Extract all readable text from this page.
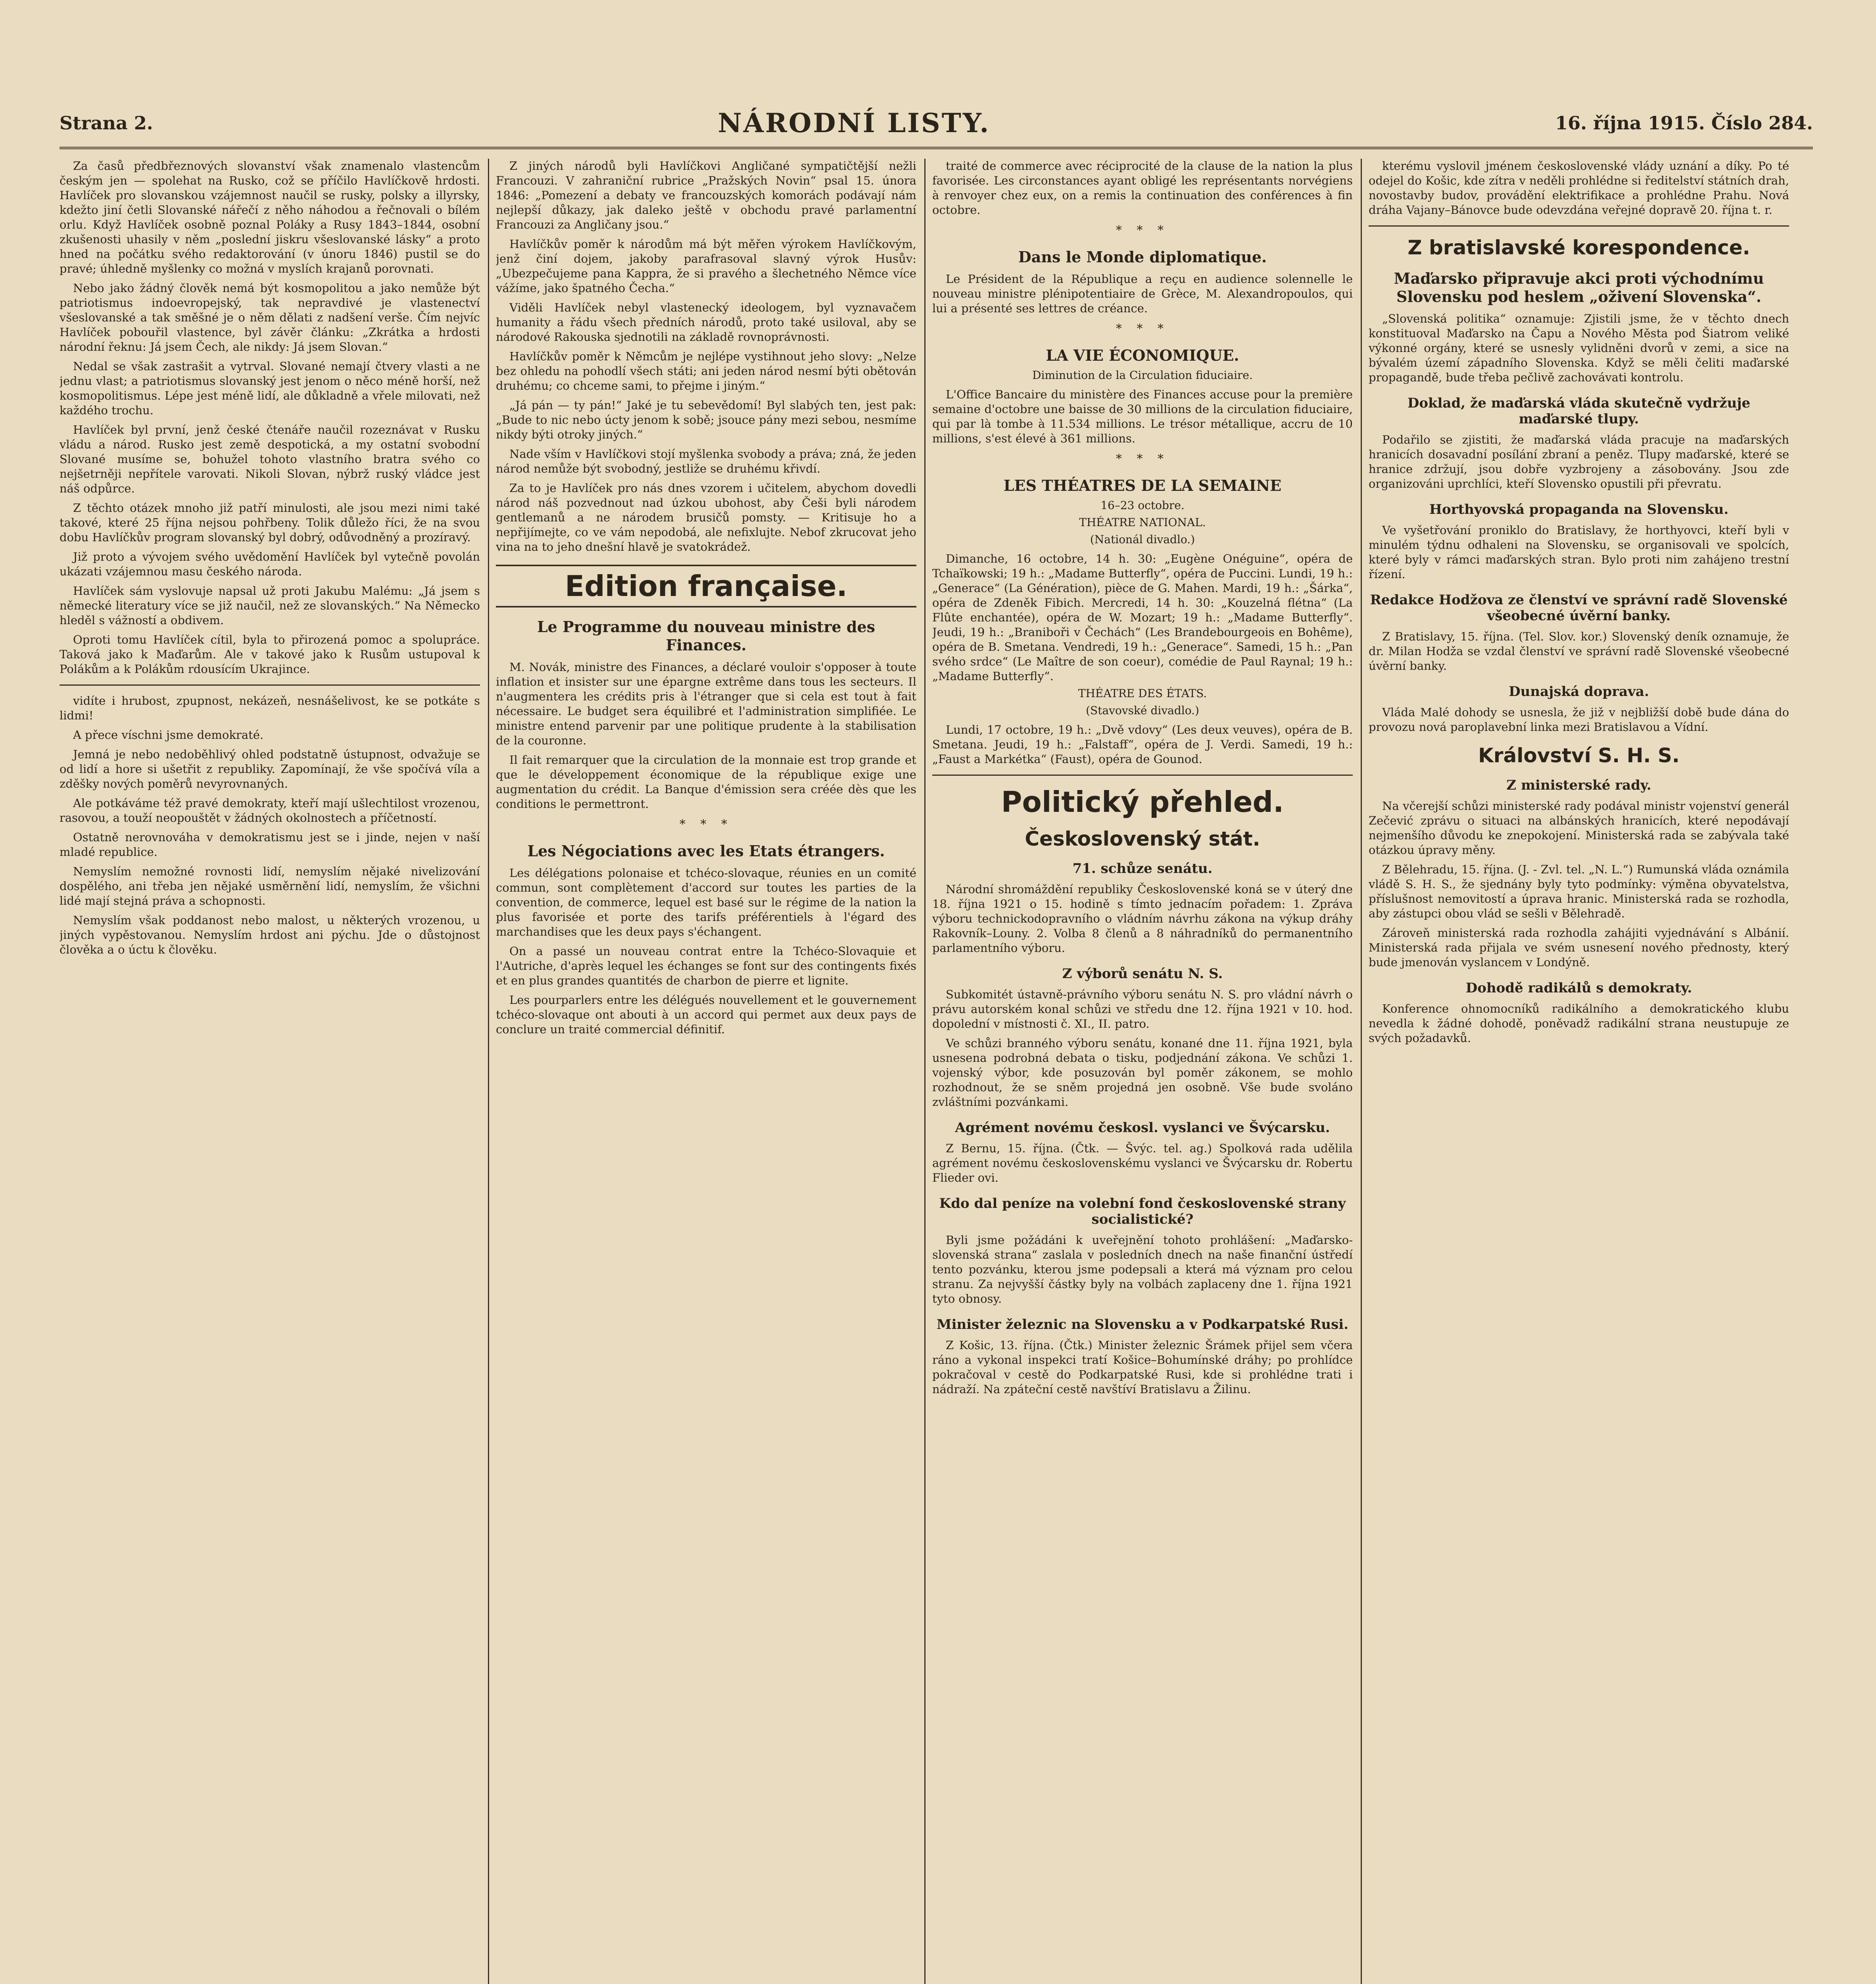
Strana 2.	NÁRODNÍ LISTY.	16. října 1915. Číslo 284.

Za časů předbřeznových slovanství však znamenalo vlastencům českým jen — spolehat na Rusko, což se příčilo Havlíčkově hrdosti. Havlíček pro slovanskou vzájemnost naučil se rusky, polsky a illyrsky, kdežto jiní četli Slovanské nářečí z něho náhodou a řečnovali o bílém orlu. Když Havlíček osobně poznal Poláky a Rusy 1843–1844, osobní zkušenosti uhasily v něm „poslední jiskru všeslovanské lásky“ a proto hned na počátku svého redaktorování (v únoru 1846) pustil se do pravé; úhledně myšlenky co možná v myslích krajanů porovnati.

Nebo jako žádný člověk nemá být kosmopolitou a jako nemůže být patriotismus indoevropejský, tak nepravdivé je vlastenectví všeslovanské a tak směšné je o něm dělati z nadšení verše. Čím nejvíc Havlíček pobouřil vlastence, byl závěr článku: „Zkrátka a hrdosti národní řeknu: Já jsem Čech, ale nikdy: Já jsem Slovan.“

Nedal se však zastrašit a vytrval. Slované nemají čtvery vlasti a ne jednu vlast; a patriotismus slovanský jest jenom o něco méně horší, než kosmopolitismus. Lépe jest méně lidí, ale důkladně a vřele milovati, než každého trochu.

Havlíček byl první, jenž české čtenáře naučil rozeznávat v Rusku vládu a národ. Rusko jest země despotická, a my ostatní svobodní Slované musíme se, bohužel tohoto vlastního bratra svého co nejšetrněji nepřítele varovati. Nikoli Slovan, nýbrž ruský vládce jest náš odpůrce.

Z těchto otázek mnoho již patří minulosti, ale jsou mezi nimi také takové, které 25 října nejsou pohřbeny. Tolik důležo říci, že na svou dobu Havlíčkův program slovanský byl dobrý, odůvodněný a prozíravý.

Již proto a vývojem svého uvědomění Havlíček byl vytečně povolán ukázati vzájemnou masu českého národa.

Havlíček sám vyslovuje napsal už proti Jakubu Malému: „Já jsem s německé literatury více se již naučil, než ze slovanských.“ Na Německo hleděl s vážností a obdivem.

Oproti tomu Havlíček cítil, byla to přirozená pomoc a spolupráce. Taková jako k Maďarům. Ale v takové jako k Rusům ustupoval k Polákům a k Polákům rdousícím Ukrajince.

vidíte i hrubost, zpupnost, nekázeň, nesnášelivost, ke se potkáte s lidmi!

A přece víschni jsme demokraté.

Jemná je nebo nedoběhlivý ohled podstatně ústupnost, odvažuje se od lidí a hore si ušetřit z republiky. Zapomínají, že vše spočívá víla a zděšky nových poměrů nevyrovnaných.

Ale potkáváme též pravé demokraty, kteří mají ušlechtilost vrozenou, rasovou, a touží neopouštět v žádných okolnostech a příčetností.

Ostatně nerovnováha v demokratismu jest se i jinde, nejen v naší mladé republice.

Nemyslím nemožné rovnosti lidí, nemyslím nějaké nivelizování dospělého, ani třeba jen nějaké usměrnění lidí, nemyslím, že všichni lidé mají stejná práva a schopnosti.

Nemyslím však poddanost nebo malost, u některých vrozenou, u jiných vypěstovanou. Nemyslím hrdost ani pýchu. Jde o důstojnost člověka a o úctu k člověku.

Z jiných národů byli Havlíčkovi Angličané sympatičtější nežli Francouzi. V zahraniční rubrice „Pražských Novin“ psal 15. února 1846: „Pomezení a debaty ve francouzských komorách podávají nám nejlepší důkazy, jak daleko ještě v obchodu pravé parlamentní Francouzi za Angličany jsou.“

Havlíčkův poměr k národům má být měřen výrokem Havlíčkovým, jenž činí dojem, jakoby parafrasoval slavný výrok Husův: „Ubezpečujeme pana Kappra, že si pravého a šlechetného Němce více vážíme, jako špatného Čecha.“

Viděli Havlíček nebyl vlastenecký ideologem, byl vyznavačem humanity a řádu všech předních národů, proto také usiloval, aby se národové Rakouska sjednotili na základě rovnoprávnosti.

Havlíčkův poměr k Němcům je nejlépe vystihnout jeho slovy: „Nelze bez ohledu na pohodlí všech státi; ani jeden národ nesmí býti obětován druhému; co chceme sami, to přejme i jiným.“

„Já pán — ty pán!“ Jaké je tu sebevědomí! Byl slabých ten, jest pak: „Bude to nic nebo úcty jenom k sobě; jsouce pány mezi sebou, nesmíme nikdy býti otroky jiných.“

Nade vším v Havlíčkovi stojí myšlenka svobody a práva; zná, že jeden národ nemůže být svobodný, jestliže se druhému křivdí.

Za to je Havlíček pro nás dnes vzorem i učitelem, abychom dovedli národ náš pozvednout nad úzkou ubohost, aby Češi byli národem gentlemanů a ne národem brusičů pomsty. — Kritisuje ho a nepřijímejte, co ve vám nepodobá, ale nefixlujte. Nebof zkrucovat jeho vina na to jeho dnešní hlavě je svatokrádež.

Edition française.
Le Programme du nouveau ministre des Finances.

M. Novák, ministre des Finances, a déclaré vouloir s'opposer à toute inflation et insister sur une épargne extrême dans tous les secteurs. Il n'augmentera les crédits pris à l'étranger que si cela est tout à fait nécessaire. Le budget sera équilibré et l'administration simplifiée. Le ministre entend parvenir par une politique prudente à la stabilisation de la couronne.

Il fait remarquer que la circulation de la monnaie est trop grande et que le développement économique de la république exige une augmentation du crédit. La Banque d'émission sera créée dès que les conditions le permettront.

* * *
Les Négociations avec les Etats étrangers.

Les délégations polonaise et tchéco-slovaque, réunies en un comité commun, sont complètement d'accord sur toutes les parties de la convention, de commerce, lequel est basé sur le régime de la nation la plus favorisée et porte des tarifs préférentiels à l'égard des marchandises que les deux pays s'échangent.

On a passé un nouveau contrat entre la Tchéco-Slovaquie et l'Autriche, d'après lequel les échanges se font sur des contingents fixés et en plus grandes quantités de charbon de pierre et lignite.

Les pourparlers entre les délégués nouvellement et le gouvernement tchéco-slovaque ont abouti à un accord qui permet aux deux pays de conclure un traité commercial définitif.

traité de commerce avec réciprocité de la clause de la nation la plus favorisée. Les circonstances ayant obligé les représentants norvégiens à renvoyer chez eux, on a remis la continuation des conférences à fin octobre.

* * *
Dans le Monde diplomatique.

Le Président de la République a reçu en audience solennelle le nouveau ministre plénipotentiaire de Grèce, M. Alexandropoulos, qui lui a présenté ses lettres de créance.

* * *
LA VIE ÉCONOMIQUE.
Diminution de la Circulation fiduciaire.

L'Office Bancaire du ministère des Finances accuse pour la première semaine d'octobre une baisse de 30 millions de la circulation fiduciaire, qui par là tombe à 11.534 millions. Le trésor métallique, accru de 10 millions, s'est élevé à 361 millions.

* * *
LES THÉATRES DE LA SEMAINE
16–23 octobre.
THÉATRE NATIONAL.
(Nationál divadlo.)

Dimanche, 16 octobre, 14 h. 30: „Eugène Onéguine“, opéra de Tchaïkowski; 19 h.: „Madame Butterfly“, opéra de Puccini. Lundi, 19 h.: „Generace“ (La Génération), pièce de G. Mahen. Mardi, 19 h.: „Šárka“, opéra de Zdeněk Fibich. Mercredi, 14 h. 30: „Kouzelná flétna“ (La Flûte enchantée), opéra de W. Mozart; 19 h.: „Madame Butterfly“. Jeudi, 19 h.: „Braniboři v Čechách“ (Les Brandebourgeois en Bohême), opéra de B. Smetana. Vendredi, 19 h.: „Generace“. Samedi, 15 h.: „Pan svého srdce“ (Le Maître de son coeur), comédie de Paul Raynal; 19 h.: „Madame Butterfly“.

THÉATRE DES ÉTATS.
(Stavovské divadlo.)

Lundi, 17 octobre, 19 h.: „Dvě vdovy“ (Les deux veuves), opéra de B. Smetana. Jeudi, 19 h.: „Falstaff“, opéra de J. Verdi. Samedi, 19 h.: „Faust a Markétka“ (Faust), opéra de Gounod.

Politický přehled.
Československý stát.
71. schůze senátu.

Národní shromáždění republiky Československé koná se v úterý dne 18. října 1921 o 15. hodině s tímto jednacím pořadem: 1. Zpráva výboru technickodopravního o vládním návrhu zákona na výkup dráhy Rakovník–Louny. 2. Volba 8 členů a 8 náhradníků do permanentního parlamentního výboru.

Z výborů senátu N. S.

Subkomitét ústavně-právního výboru senátu N. S. pro vládní návrh o právu autorském konal schůzi ve středu dne 12. října 1921 v 10. hod. dopolední v místnosti č. XI., II. patro.

Ve schůzi branného výboru senátu, konané dne 11. října 1921, byla usnesena podrobná debata o tisku, podjednání zákona. Ve schůzi 1. vojenský výbor, kde posuzován byl poměr zákonem, se mohlo rozhodnout, že se sněm projedná jen osobně. Vše bude svoláno zvláštními pozvánkami.

Agrément novému českosl. vyslanci ve Švýcarsku.

Z Bernu, 15. října. (Čtk. — Švýc. tel. ag.) Spolková rada udělila agrément novému československému vyslanci ve Švýcarsku dr. Robertu Flieder ovi.

Kdo dal peníze na volební fond československé strany socialistické?

Byli jsme požádáni k uveřejnění tohoto prohlášení: „Maďarsko-slovenská strana“ zaslala v posledních dnech na naše finanční ústředí tento pozvánku, kterou jsme podepsali a která má význam pro celou stranu. Za nejvyšší částky byly na volbách zaplaceny dne 1. října 1921 tyto obnosy.

Minister železnic na Slovensku a v Podkarpatské Rusi.

Z Košic, 13. října. (Čtk.) Minister železnic Šrámek přijel sem včera ráno a vykonal inspekci tratí Košice–Bohumínské dráhy; po prohlídce pokračoval v cestě do Podkarpatské Rusi, kde si prohlédne trati i nádraží. Na zpáteční cestě navštíví Bratislavu a Žilinu.

kterému vyslovil jménem československé vlády uznání a díky. Po té odejel do Košic, kde zítra v neděli prohlédne si ředitelství státních drah, novostavby budov, provádění elektrifikace a prohlédne Prahu. Nová dráha Vajany–Bánovce bude odevzdána veřejné dopravě 20. října t. r.

Z bratislavské korespondence.
Maďarsko připravuje akci proti východnímu Slovensku pod heslem „oživení Slovenska“.

„Slovenská politika“ oznamuje: Zjistili jsme, že v těchto dnech konstituoval Maďarsko na Čapu a Nového Města pod Šiatrom veliké výkonné orgány, které se usnesly vylidněni dvorů v zemi, a sice na bývalém území západního Slovenska. Když se měli čeliti maďarské propagandě, bude třeba pečlivě zachovávati kontrolu.

Doklad, že maďarská vláda skutečně vydržuje maďarské tlupy.

Podařilo se zjistiti, že maďarská vláda pracuje na maďarských hranicích dosavadní posílání zbraní a peněz. Tlupy maďarské, které se hranice zdržují, jsou dobře vyzbrojeny a zásobovány. Jsou zde organizováni uprchlíci, kteří Slovensko opustili při převratu.

Horthyovská propaganda na Slovensku.

Ve vyšetřování proniklo do Bratislavy, že horthyovci, kteří byli v minulém týdnu odhaleni na Slovensku, se organisovali ve spolcích, které byly v rámci maďarských stran. Bylo proti nim zahájeno trestní řízení.

Redakce Hodžova ze členství ve správní radě Slovenské všeobecné úvěrní banky.

Z Bratislavy, 15. října. (Tel. Slov. kor.) Slovenský deník oznamuje, že dr. Milan Hodža se vzdal členství ve správní radě Slovenské všeobecné úvěrní banky.

Dunajská doprava.

Vláda Malé dohody se usnesla, že již v nejbližší době bude dána do provozu nová paroplavební linka mezi Bratislavou a Vídní.

Království S. H. S.
Z ministerské rady.

Na včerejší schůzi ministerské rady podával ministr vojenství generál Zečević zprávu o situaci na albánských hranicích, které nepodávají nejmenšího důvodu ke znepokojení. Ministerská rada se zabývala také otázkou úpravy měny.

Z Bělehradu, 15. října. (J. - Zvl. tel. „N. L.“) Rumunská vláda oznámila vládě S. H. S., že sjednány byly tyto podmínky: výměna obyvatelstva, příslušnost nemovitostí a úprava hranic. Ministerská rada se rozhodla, aby zástupci obou vlád se sešli v Bělehradě.

Zároveň ministerská rada rozhodla zahájiti vyjednávání s Albánií. Ministerská rada přijala ve svém usnesení nového přednosty, který bude jmenován vyslancem v Londýně.

Dohodě radikálů s demokraty.

Konference ohnomocníků radikálního a demokratického klubu nevedla k žádné dohodě, poněvadž radikální strana neustupuje ze svých požadavků.
